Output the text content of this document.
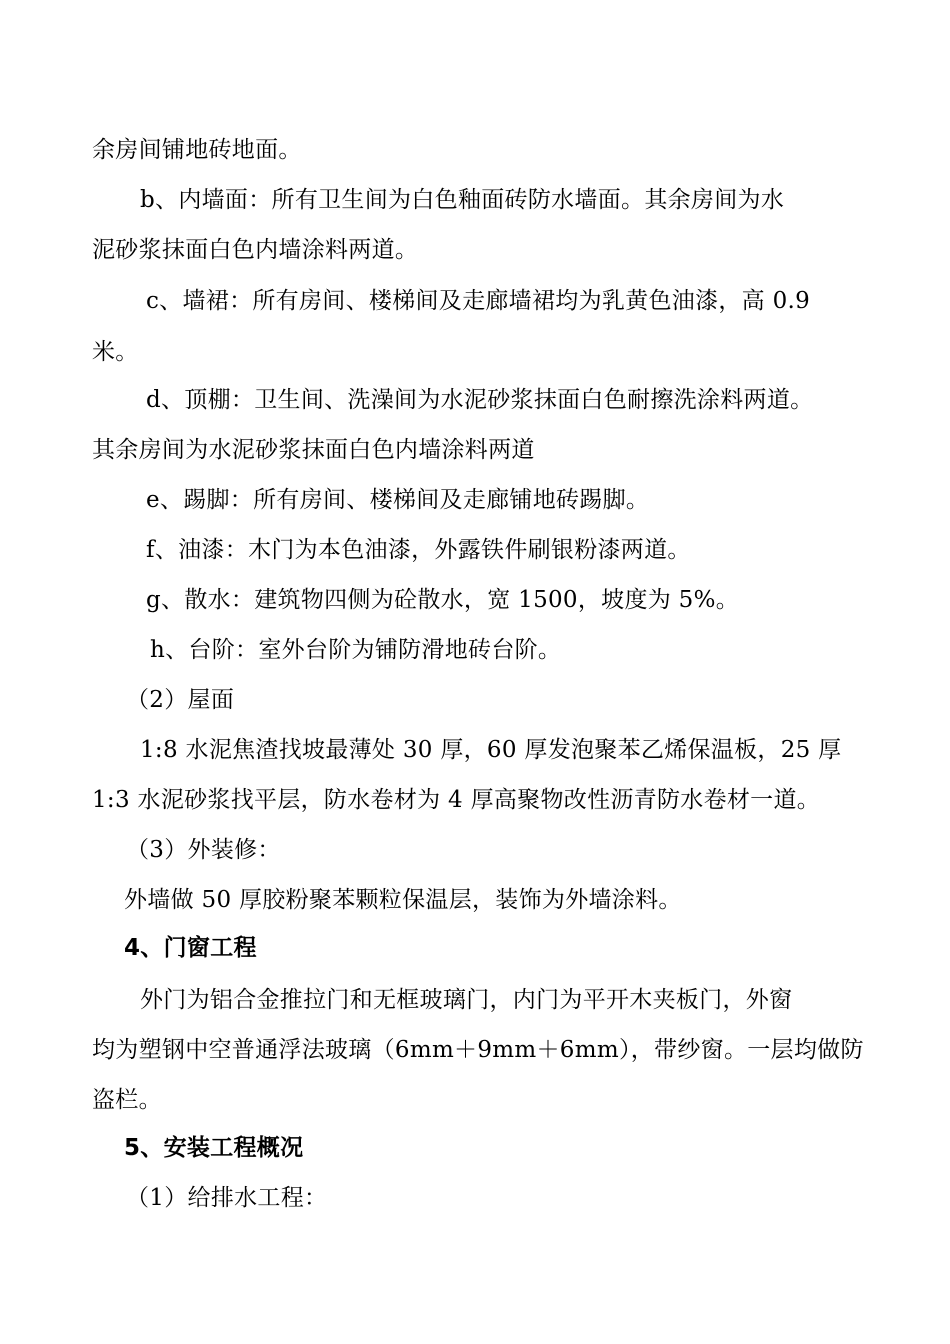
余房间铺地砖地面。
b、内墙面：所有卫生间为白色釉面砖防水墙面。其余房间为水
泥砂浆抹面白色内墙涂料两道。
c、墙裙：所有房间、楼梯间及走廊墙裙均为乳黄色油漆，高 0.9
米。
d、顶棚：卫生间、洗澡间为水泥砂浆抹面白色耐擦洗涂料两道。
其余房间为水泥砂浆抹面白色内墙涂料两道
e、踢脚：所有房间、楼梯间及走廊铺地砖踢脚。
f、油漆：木门为本色油漆，外露铁件刷银粉漆两道。
g、散水：建筑物四侧为砼散水，宽 1500，坡度为 5%。
h、台阶：室外台阶为铺防滑地砖台阶。
（2）屋面
1:8 水泥焦渣找坡最薄处 30 厚，60 厚发泡聚苯乙烯保温板，25 厚
1:3 水泥砂浆找平层，防水卷材为 4 厚高聚物改性沥青防水卷材一道。
（3）外装修：
外墙做 50 厚胶粉聚苯颗粒保温层，装饰为外墙涂料。
4、门窗工程
外门为铝合金推拉门和无框玻璃门，内门为平开木夹板门，外窗
均为塑钢中空普通浮法玻璃（6mm＋9mm＋6mm），带纱窗。一层均做防
盗栏。
5、安装工程概况
（1）给排水工程：
